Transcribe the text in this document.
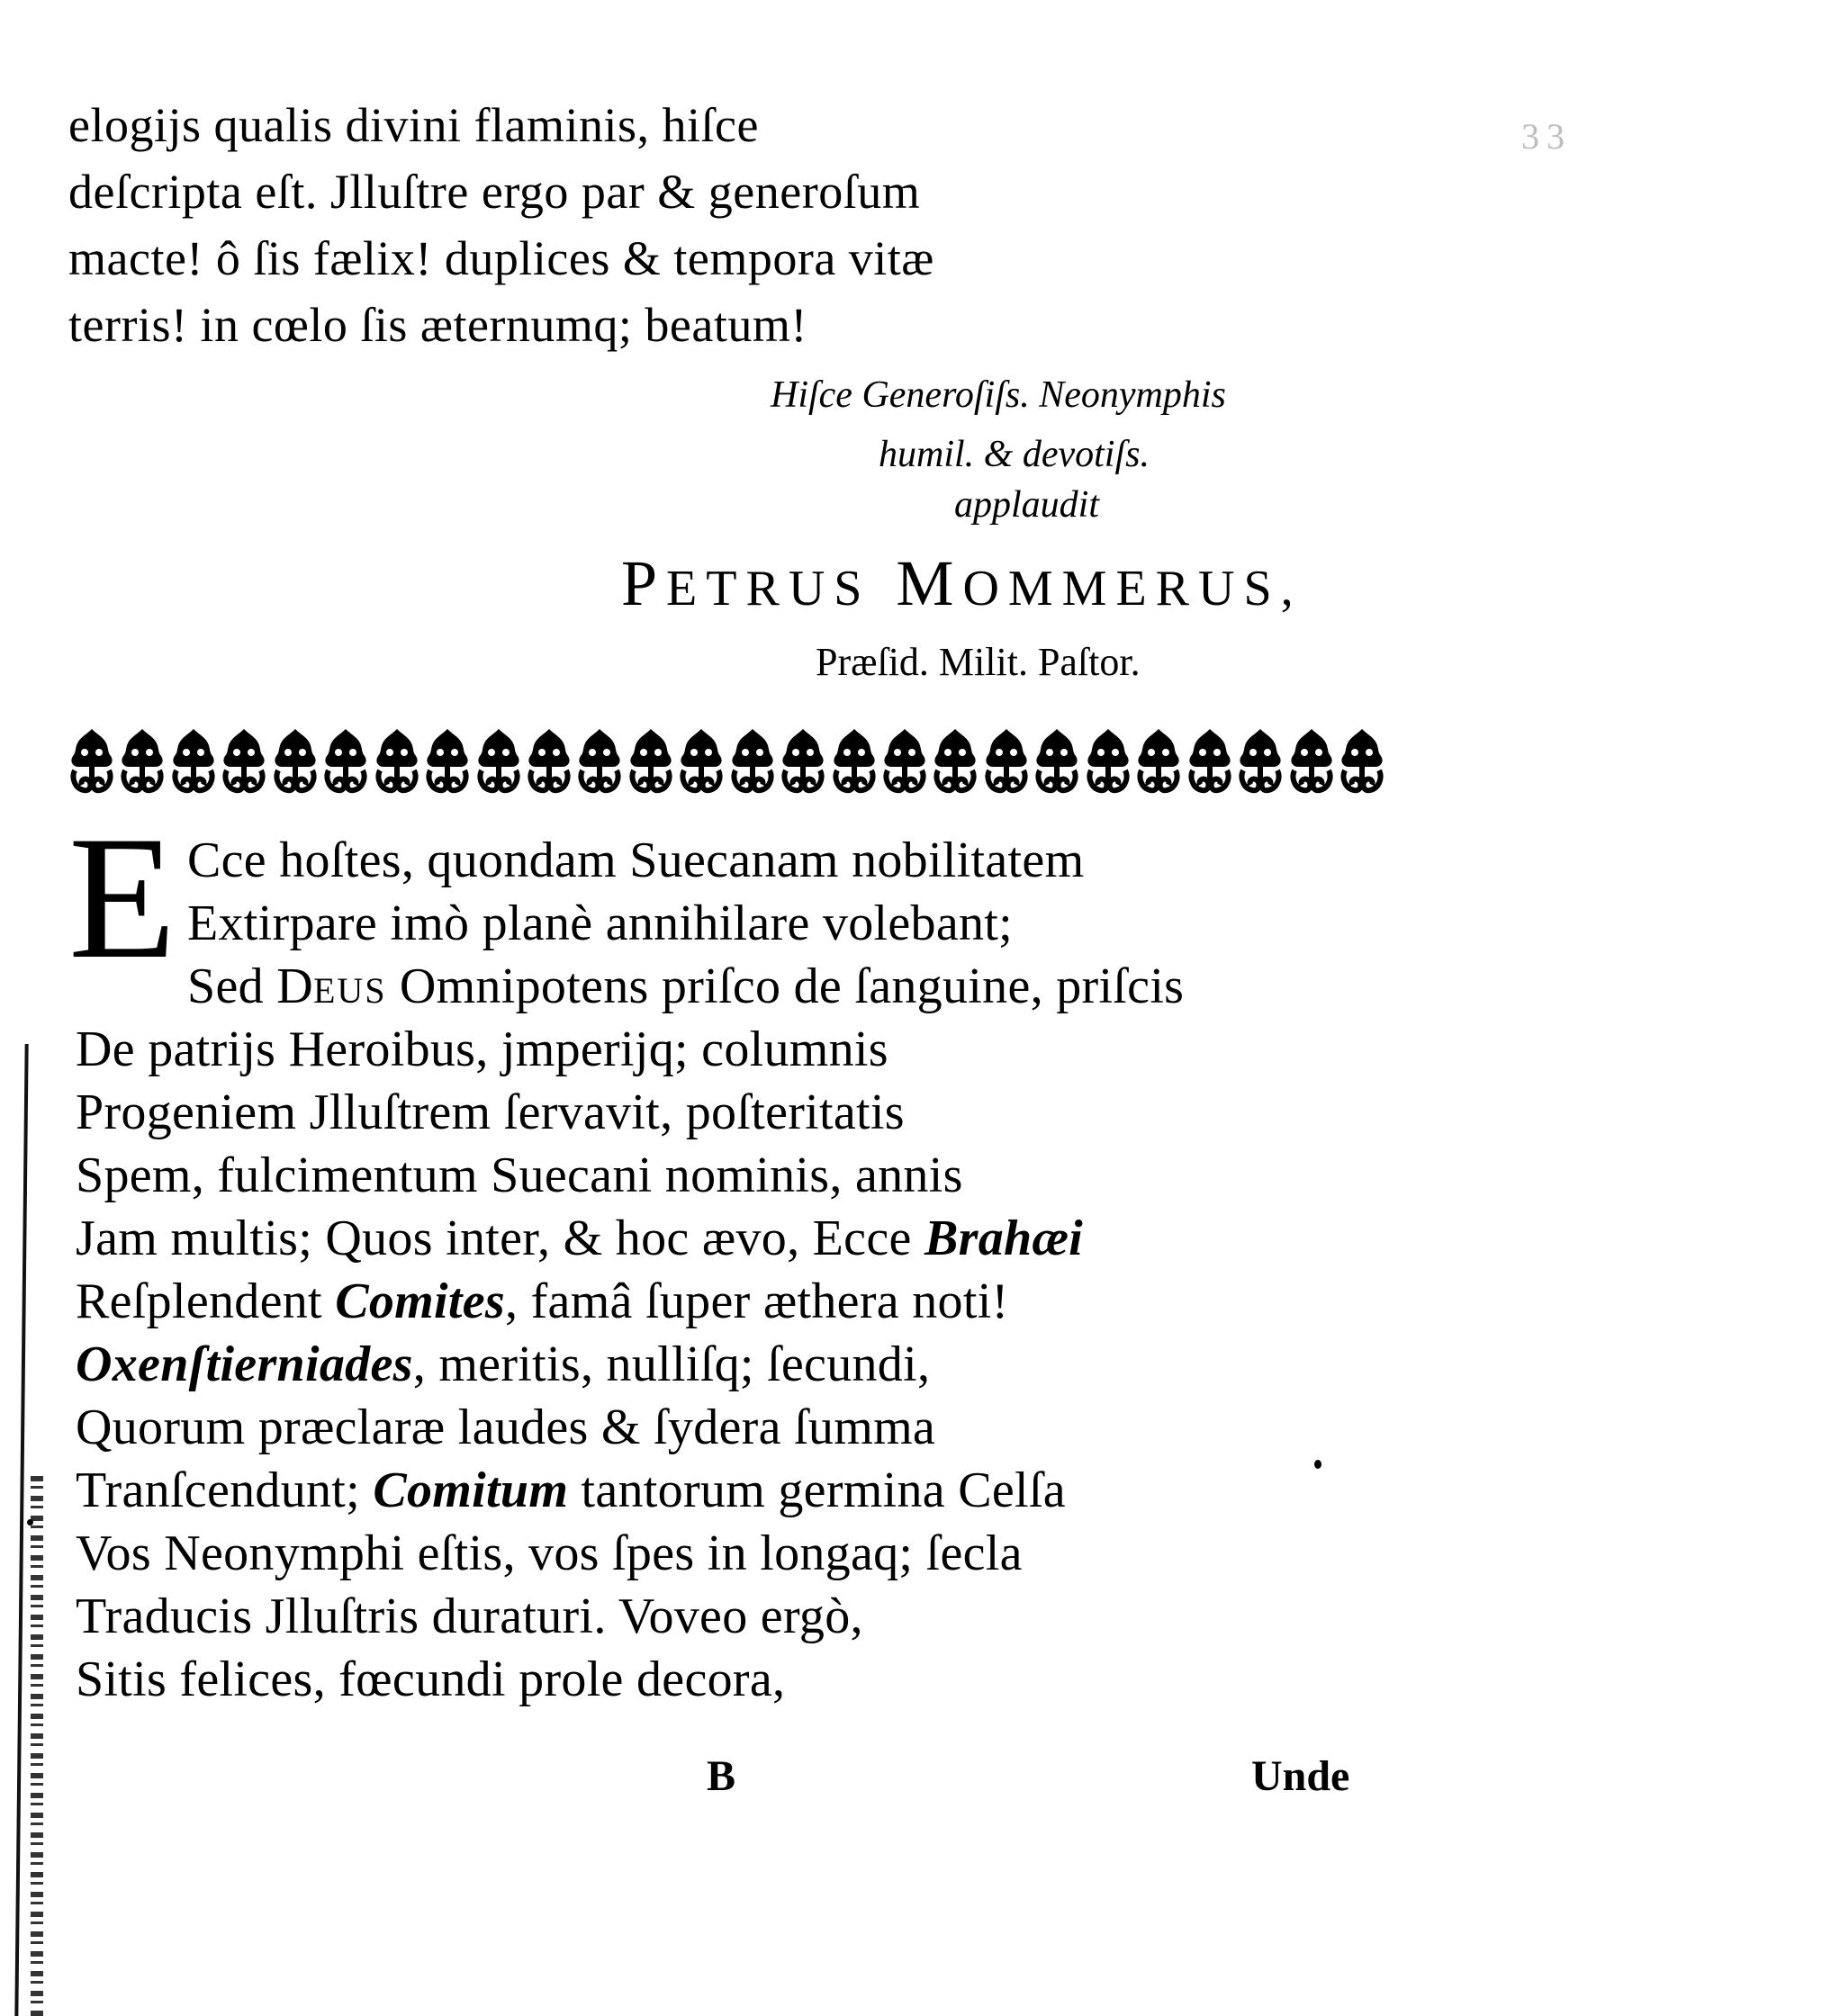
33
elogijs qualis divini flaminis, hiſce
deſcripta eſt. Jlluſtre ergo par & generoſum
macte! ô ſis fælix! duplices & tempora vitæ
terris! in cœlo ſis æternumq; beatum!
Hiſce Generoſiſs. Neonymphis
humil. & devotiſs.
applaudit
PETRUS MOMMERUS,
Præſid. Milit. Paſtor.
E Cce hoſtes, quondam Suecanam nobilitatem
Extirpare imò planè annihilare volebant;
Sed DEUS Omnipotens priſco de ſanguine, priſcis
De patrijs Heroibus, jmperijq; columnis
Progeniem Jlluſtrem ſervavit, poſteritatis
Spem, fulcimentum Suecani nominis, annis
Jam multis; Quos inter, & hoc ævo, Ecce Brahæi
Reſplendent Comites, famâ ſuper æthera noti!
Oxenſtierniades, meritis, nulliſq; ſecundi,
Quorum præclaræ laudes & ſydera ſumma
Tranſcendunt; Comitum tantorum germina Celſa
Vos Neonymphi eſtis, vos ſpes in longaq; ſecla
Traducis Jlluſtris duraturi. Voveo ergò,
Sitis felices, fœcundi prole decora,
B	Unde
